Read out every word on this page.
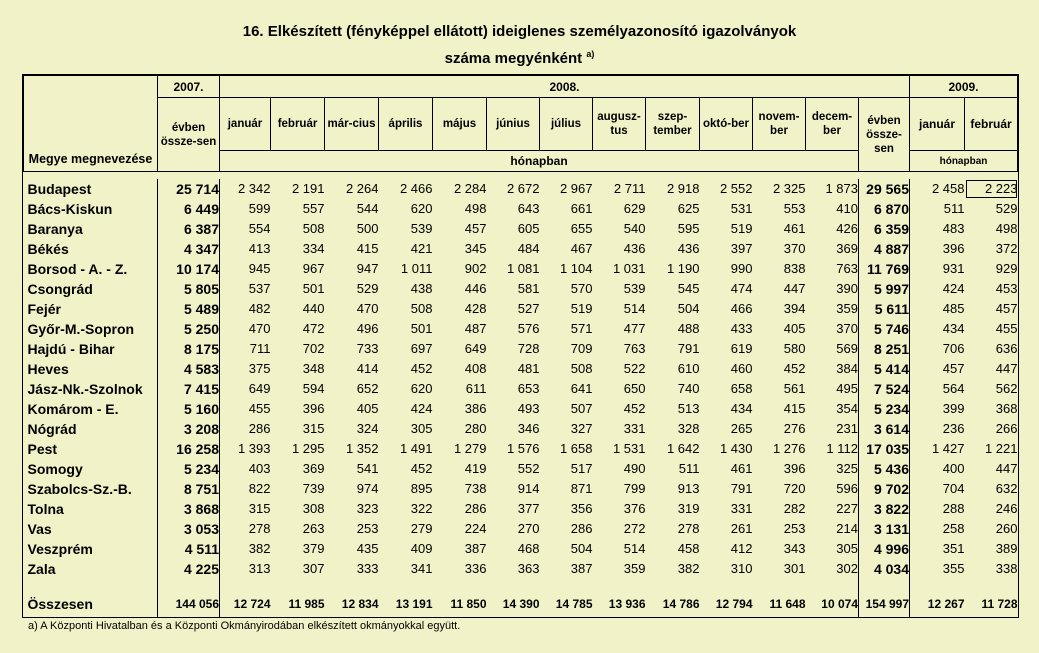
16. Elkészített (fényképpel ellátott) ideiglenes személyazonosító igazolványok
száma megyénként $^{a)}$
Megye megnevezése	2007.	2008.													2009.	
	évben össze-sen	január	február	már-cius	április	május	június	július	augusz-tus	szep-tember	októ-ber	novem-ber	decem-ber	évben össze-sen	január	február
		hónapban													hónapban	

Budapest	25 714	2 342	2 191	2 264	2 466	2 284	2 672	2 967	2 711	2 918	2 552	2 325	1 873	29 565	2 458	2 223
Bács-Kiskun	6 449	599	557	544	620	498	643	661	629	625	531	553	410	6 870	511	529
Baranya	6 387	554	508	500	539	457	605	655	540	595	519	461	426	6 359	483	498
Békés	4 347	413	334	415	421	345	484	467	436	436	397	370	369	4 887	396	372
Borsod - A. - Z.	10 174	945	967	947	1 011	902	1 081	1 104	1 031	1 190	990	838	763	11 769	931	929
Csongrád	5 805	537	501	529	438	446	581	570	539	545	474	447	390	5 997	424	453
Fejér	5 489	482	440	470	508	428	527	519	514	504	466	394	359	5 611	485	457
Győr-M.-Sopron	5 250	470	472	496	501	487	576	571	477	488	433	405	370	5 746	434	455
Hajdú - Bihar	8 175	711	702	733	697	649	728	709	763	791	619	580	569	8 251	706	636
Heves	4 583	375	348	414	452	408	481	508	522	610	460	452	384	5 414	457	447
Jász-Nk.-Szolnok	7 415	649	594	652	620	611	653	641	650	740	658	561	495	7 524	564	562
Komárom - E.	5 160	455	396	405	424	386	493	507	452	513	434	415	354	5 234	399	368
Nógrád	3 208	286	315	324	305	280	346	327	331	328	265	276	231	3 614	236	266
Pest	16 258	1 393	1 295	1 352	1 491	1 279	1 576	1 658	1 531	1 642	1 430	1 276	1 112	17 035	1 427	1 221
Somogy	5 234	403	369	541	452	419	552	517	490	511	461	396	325	5 436	400	447
Szabolcs-Sz.-B.	8 751	822	739	974	895	738	914	871	799	913	791	720	596	9 702	704	632
Tolna	3 868	315	308	323	322	286	377	356	376	319	331	282	227	3 822	288	246
Vas	3 053	278	263	253	279	224	270	286	272	278	261	253	214	3 131	258	260
Veszprém	4 511	382	379	435	409	387	468	504	514	458	412	343	305	4 996	351	389
Zala	4 225	313	307	333	341	336	363	387	359	382	310	301	302	4 034	355	338

Összesen	144 056	12 724	11 985	12 834	13 191	11 850	14 390	14 785	13 936	14 786	12 794	11 648	10 074	154 997	12 267	11 728
a) A Központi Hivatalban és a Központi Okmányirodában elkészített okmányokkal együtt.
